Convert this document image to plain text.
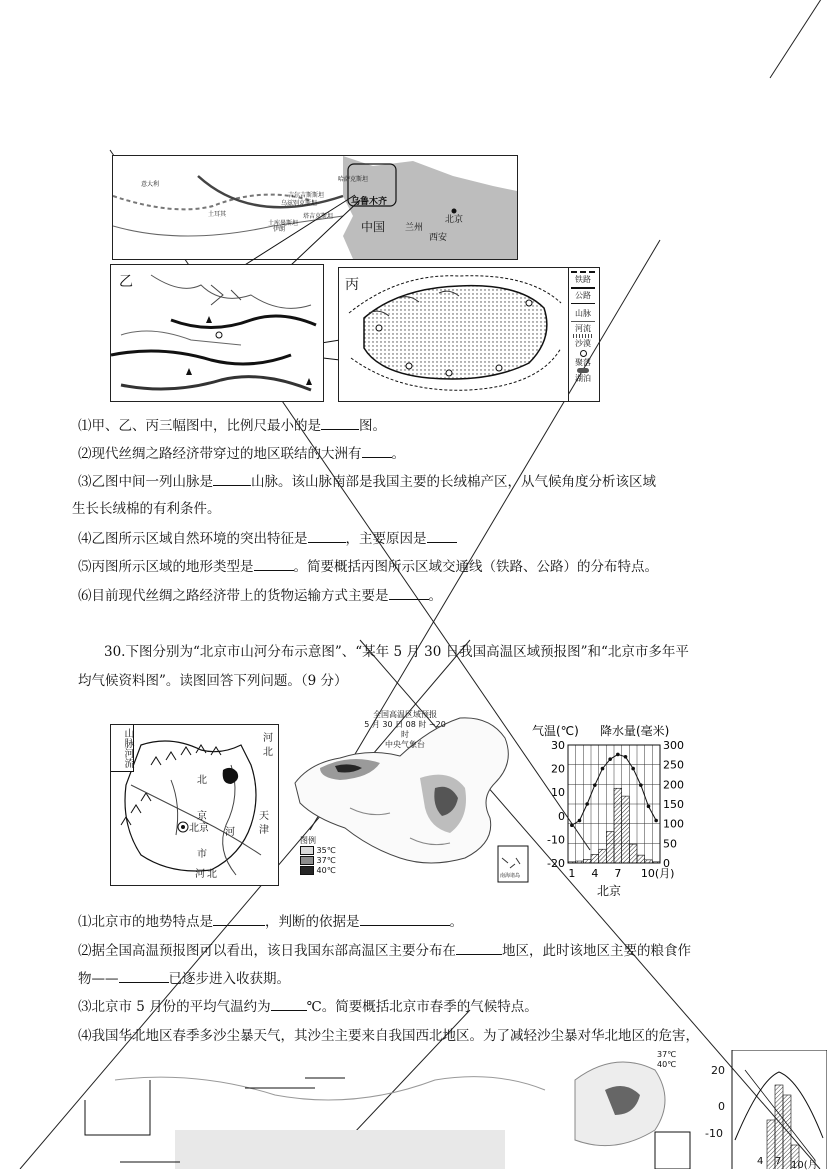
哈萨克斯坦
乌鲁木齐
吉尔吉斯斯坦
乌兹别克斯坦
塔吉克斯坦
土库曼斯坦
土耳其
伊朗
意大利
中国 兰州
西安
北京
乙	丙	铁路
公路
山脉
河流
沙漠
聚落
湖泊
⑴甲、乙、丙三幅图中，比例尺最小的是	图。
⑵现代丝绸之路经济带穿过的地区联结的大洲有 。
⑶乙图中间一列山脉是	山脉。该山脉南部是我国主要的长绒棉产区，从气候角度分析该区域
生长长绒棉的有利条件。
⑷乙图所示区域自然环境的突出特征是	，主要原因是
⑸丙图所示区域的地形类型是	。简要概括丙图所示区域交通线（铁路、公路）的分布特点。
⑹目前现代丝绸之路经济带上的货物运输方式主要是	。
30.下图分别为“北京市山河分布示意图”、“某年 5 月 30 日我国高温区域预报图”和“北京市多年平
均气候资料图”。读图回答下列问题。（9 分）
山脉河流	河
北
北
京
北京 河
天
津
市
河 北
全国高温区域预报
5 月 30 日 08 时 ~20 时
中央气象台
图例
35℃
37℃
40℃
南海诸岛
30
20
10
0
-10
-20
300
250
200
150
100
50
0
1 4 7 10(月)
气温(℃) 降水量(毫米)
北京
⑴北京市的地势特点是	，判断的依据是	。
⑵据全国高温预报图可以看出，该日我国东部高温区主要分布在	地区，此时该地区主要的粮食作
物——	已逐步进入收获期。
⑶北京市 5 月份的平均气温约为	℃。简要概括北京市春季的气候特点。
⑷我国华北地区春季多沙尘暴天气，其沙尘主要来自我国西北地区。为了减轻沙尘暴对华北地区的危害，
37℃
40℃	20
0
-10
4 7 10(月
